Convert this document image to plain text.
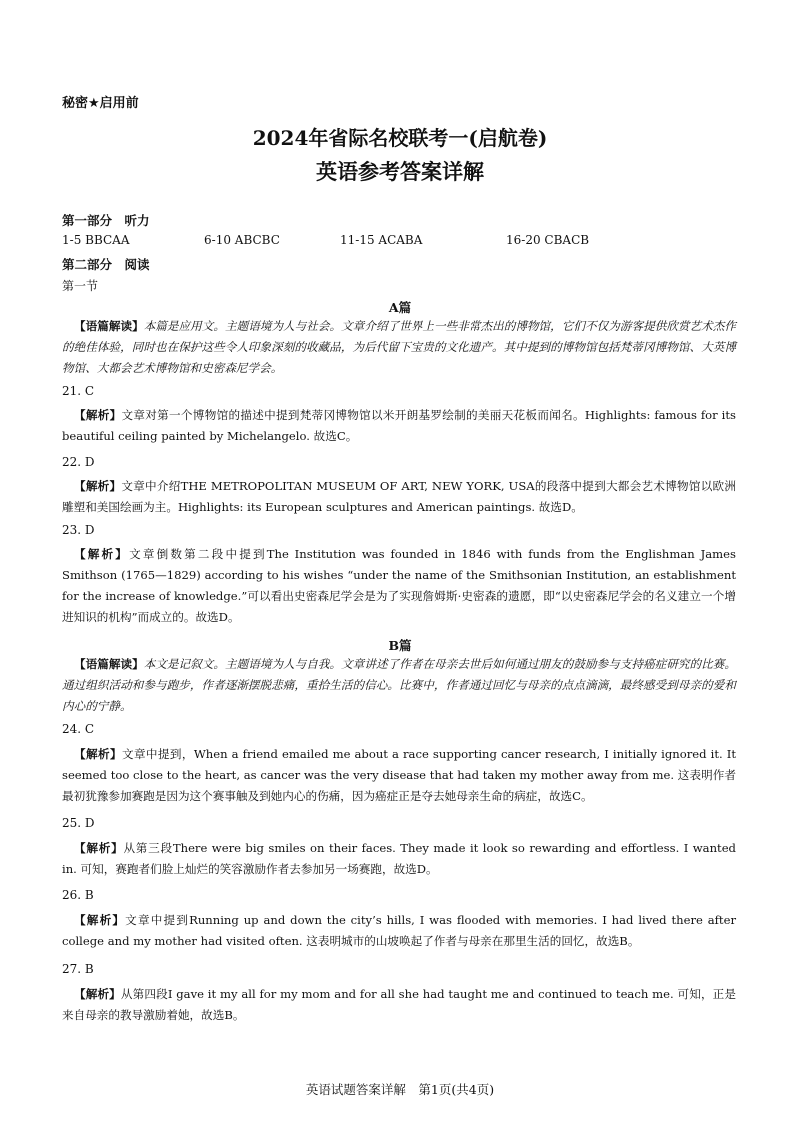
秘密★启用前
2024年省际名校联考一(启航卷)
英语参考答案详解
第一部分　听力
1-5 BBCAA	6-10 ABCBC	11-15 ACABA	16-20 CBACB
第二部分　阅读
第一节
A篇
【语篇解读】本篇是应用文。主题语境为人与社会。文章介绍了世界上一些非常杰出的博物馆，它们不仅为游客提供欣赏艺术杰作的绝佳体验，同时也在保护这些令人印象深刻的收藏品，为后代留下宝贵的文化遗产。其中提到的博物馆包括梵蒂冈博物馆、大英博物馆、大都会艺术博物馆和史密森尼学会。
21. C
【解析】文章对第一个博物馆的描述中提到梵蒂冈博物馆以米开朗基罗绘制的美丽天花板而闻名。Highlights: famous for its beautiful ceiling painted by Michelangelo. 故选C。
22. D
【解析】文章中介绍THE METROPOLITAN MUSEUM OF ART, NEW YORK, USA的段落中提到大都会艺术博物馆以欧洲雕塑和美国绘画为主。Highlights: its European sculptures and American paintings. 故选D。
23. D
【解析】文章倒数第二段中提到The Institution was founded in 1846 with funds from the Englishman James Smithson (1765—1829) according to his wishes “under the name of the Smithsonian Institution, an establishment for the increase of knowledge.”可以看出史密森尼学会是为了实现詹姆斯·史密森的遗愿，即“以史密森尼学会的名义建立一个增进知识的机构”而成立的。故选D。
B篇
【语篇解读】本文是记叙文。主题语境为人与自我。文章讲述了作者在母亲去世后如何通过朋友的鼓励参与支持癌症研究的比赛。通过组织活动和参与跑步，作者逐渐摆脱悲痛，重拾生活的信心。比赛中，作者通过回忆与母亲的点点滴滴，最终感受到母亲的爱和内心的宁静。
24. C
【解析】文章中提到，When a friend emailed me about a race supporting cancer research, I initially ignored it. It seemed too close to the heart, as cancer was the very disease that had taken my mother away from me. 这表明作者最初犹豫参加赛跑是因为这个赛事触及到她内心的伤痛，因为癌症正是夺去她母亲生命的病症，故选C。
25. D
【解析】从第三段There were big smiles on their faces. They made it look so rewarding and effortless. I wanted in. 可知，赛跑者们脸上灿烂的笑容激励作者去参加另一场赛跑，故选D。
26. B
【解析】文章中提到Running up and down the city’s hills, I was flooded with memories. I had lived there after college and my mother had visited often. 这表明城市的山坡唤起了作者与母亲在那里生活的回忆，故选B。
27. B
【解析】从第四段I gave it my all for my mom and for all she had taught me and continued to teach me. 可知，正是来自母亲的教导激励着她，故选B。
英语试题答案详解　第1页(共4页)
